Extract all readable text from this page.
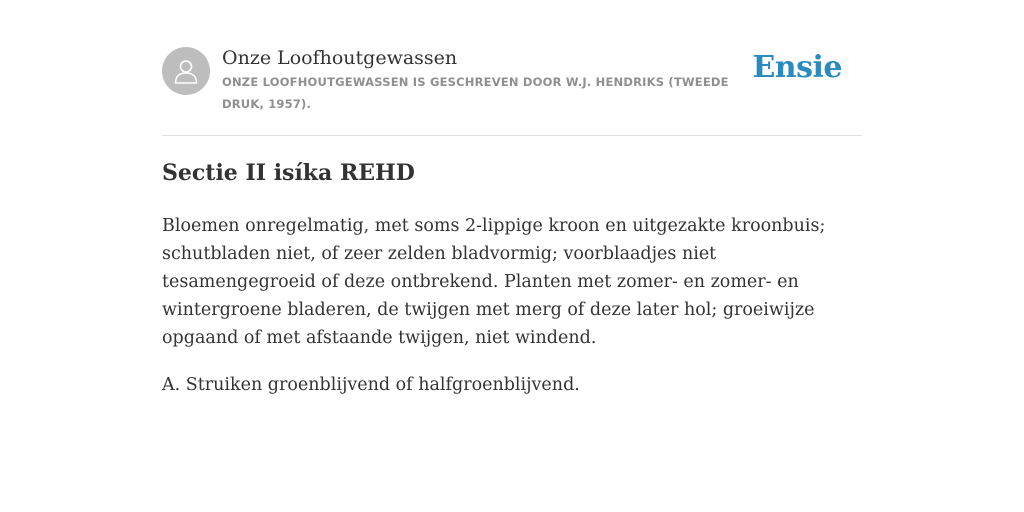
Onze Loofhoutgewassen
ONZE LOOFHOUTGEWASSEN IS GESCHREVEN DOOR W.J. HENDRIKS (TWEEDE DRUK, 1957).
Ensie
Sectie II isíka REHD

Bloemen onregelmatig, met soms 2-lippige kroon en uitgezakte kroonbuis; schutbladen niet, of zeer zelden bladvormig; voorblaadjes niet tesamengegroeid of deze ontbrekend. Planten met zomer- en zomer- en wintergroene bladeren, de twijgen met merg of deze later hol; groeiwijze opgaand of met afstaande twijgen, niet windend.

A. Struiken groenblijvend of halfgroenblijvend.
